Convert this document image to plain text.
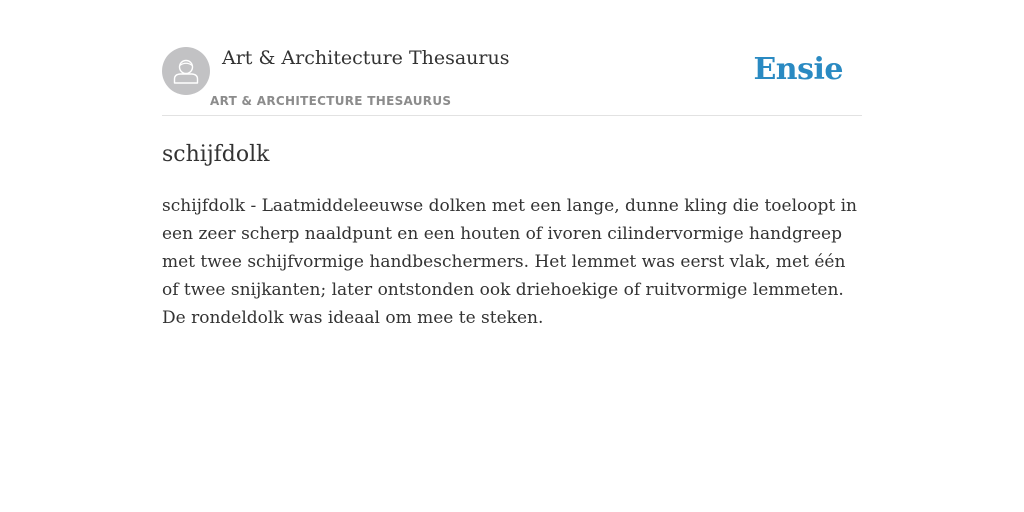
Art & Architecture Thesaurus
ART & ARCHITECTURE THESAURUS
Ensie
schijfdolk

schijfdolk - Laatmiddeleeuwse dolken met een lange, dunne kling die toeloopt in een zeer scherp naaldpunt en een houten of ivoren cilindervormige handgreep met twee schijfvormige handbeschermers. Het lemmet was eerst vlak, met één of twee snijkanten; later ontstonden ook driehoekige of ruitvormige lemmeten. De rondeldolk was ideaal om mee te steken.
